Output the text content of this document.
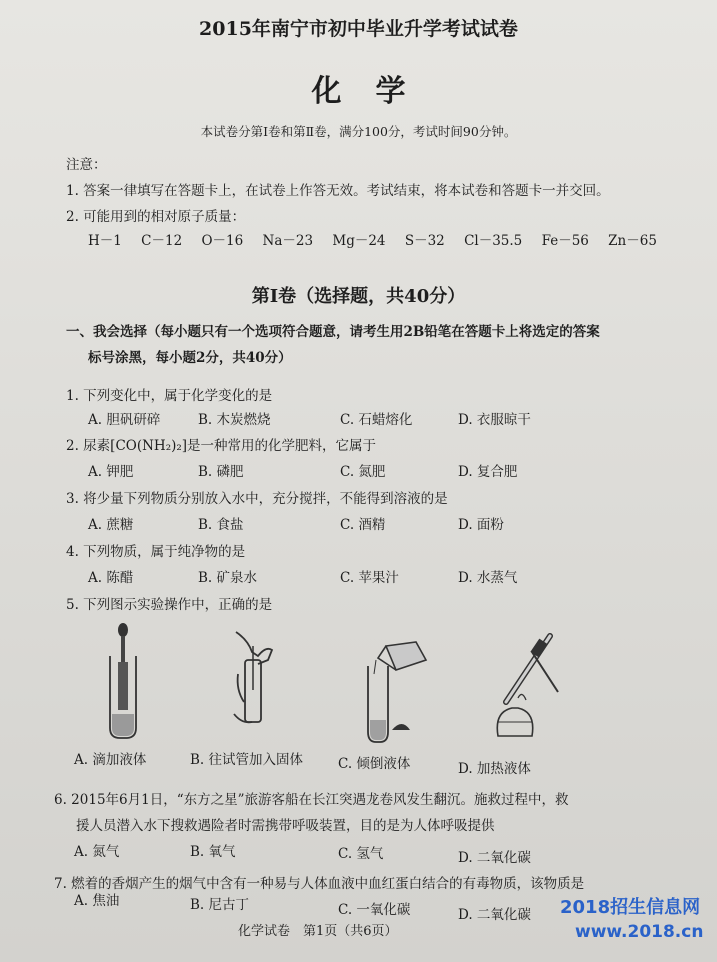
2015年南宁市初中毕业升学考试试卷
化学
本试卷分第Ⅰ卷和第Ⅱ卷，满分100分，考试时间90分钟。
注意：
1. 答案一律填写在答题卡上，在试卷上作答无效。考试结束，将本试卷和答题卡一并交回。
2. 可能用到的相对原子质量：
H－1 C－12 O－16 Na－23 Mg－24 S－32 Cl－35.5 Fe－56 Zn－65
第Ⅰ卷（选择题，共40分）
一、我会选择（每小题只有一个选项符合题意，请考生用2B铅笔在答题卡上将选定的答案
标号涂黑，每小题2分，共40分）
1. 下列变化中，属于化学变化的是
A. 胆矾研碎	B. 木炭燃烧	C. 石蜡熔化	D. 衣服晾干
2. 尿素[CO(NH₂)₂]是一种常用的化学肥料，它属于
A. 钾肥	B. 磷肥	C. 氮肥	D. 复合肥
3. 将少量下列物质分别放入水中，充分搅拌，不能得到溶液的是
A. 蔗糖	B. 食盐	C. 酒精	D. 面粉
4. 下列物质，属于纯净物的是
A. 陈醋	B. 矿泉水	C. 苹果汁	D. 水蒸气
5. 下列图示实验操作中，正确的是
A. 滴加液体	B. 往试管加入固体	C. 倾倒液体	D. 加热液体
6. 2015年6月1日，“东方之星”旅游客船在长江突遇龙卷风发生翻沉。施救过程中，救
援人员潜入水下搜救遇险者时需携带呼吸装置，目的是为人体呼吸提供
A. 氮气	B. 氧气	C. 氢气	D. 二氧化碳
7. 燃着的香烟产生的烟气中含有一种易与人体血液中血红蛋白结合的有毒物质，该物质是
A. 焦油	B. 尼古丁	C. 一氧化碳	D. 二氧化碳
化学试卷　第1页（共6页）
2018招生信息网
www.2018.cn
